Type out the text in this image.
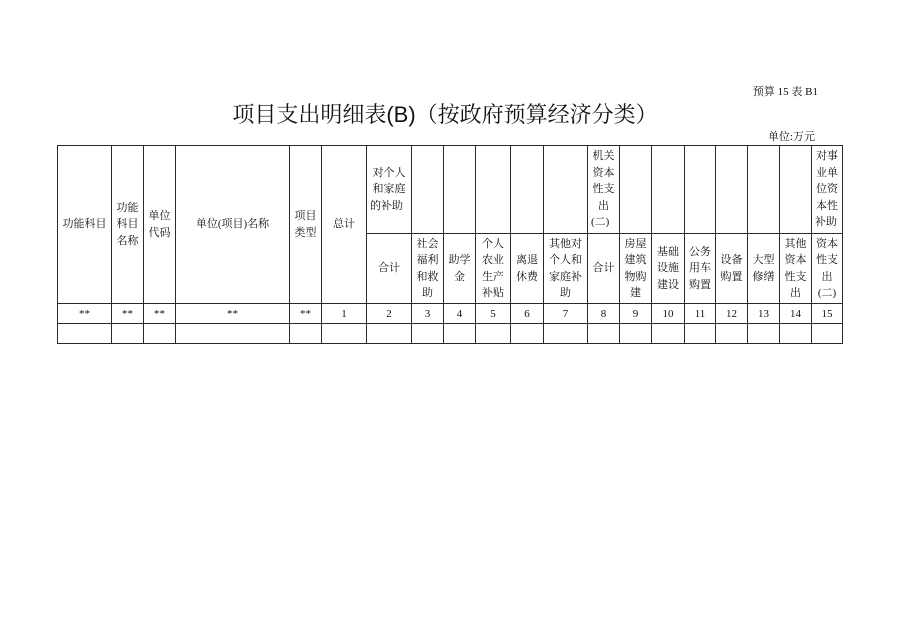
预算 15 表 B1
项目支出明细表(B)（按政府预算经济分类）
单位:万元
功能科目	功能科目名称	单位代码	单位(项目)名称	项目类型	总计	对个人和家庭的补助						机关资本性支出(二)							对事业单位资本性补助
						合计	社会福利和救助	助学金	个人农业生产补贴	离退休费	其他对个人和家庭补助	合计	房屋建筑物购建	基础设施建设	公务用车购置	设备购置	大型修缮	其他资本性支出	资本性支出(二)
**	**	**	**	**	1	2	3	4	5	6	7	8	9	10	11	12	13	14	15
